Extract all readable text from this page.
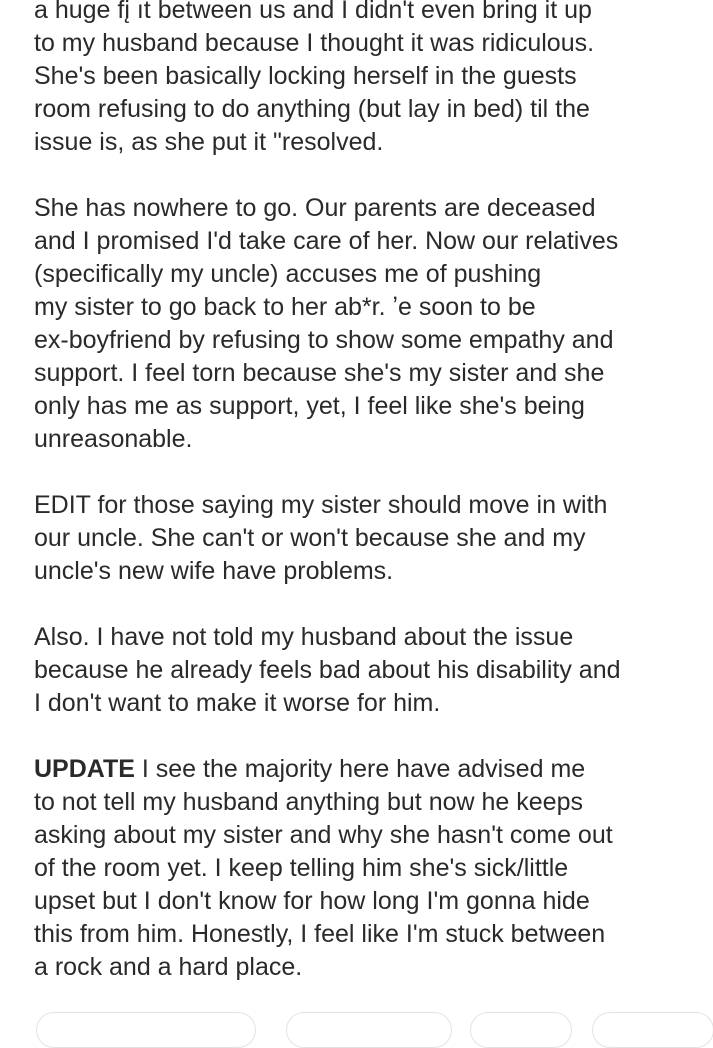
a huge fį ıt between us and I didn't even bring it up
to my huѕband because I thought it was ridiculous.
She's been basically locking herself in the guests
room refusing to do anything (but lay in bed) til the
issue is, as she put it "resolved.

She has nowhere to go. Our parents are deceased
and I promised I'd take care of her. Now our relatives
(specifically my uncle) accuses me of pushing
my sister to go back to her ab*r. ʼe soon to be
ex-boyfriend by refusing to show some empathy and
support. I feel torn because she's my sister and she
only has me as support, yet, I feel like she's being
unreasonable.

EDIT for those saying my sister should move in with
our uncle. She can't or won't because she and my
uncle's new wife have problems.

Also. I have not told my husband about the issue
because he already feels bad about his disability and
I don't want to make it worse for him.

UPDATE I see the majority here have advised me
to not tell my husband anything but now he keeps
asking about my sister and why she hasn't come out
of the room yet. I keep telling him she's sick/little
upset but I don't know for how long I'm gonna hide
this from him. Honestly, I feel like I'm stuck between
a rock and a hard place.
